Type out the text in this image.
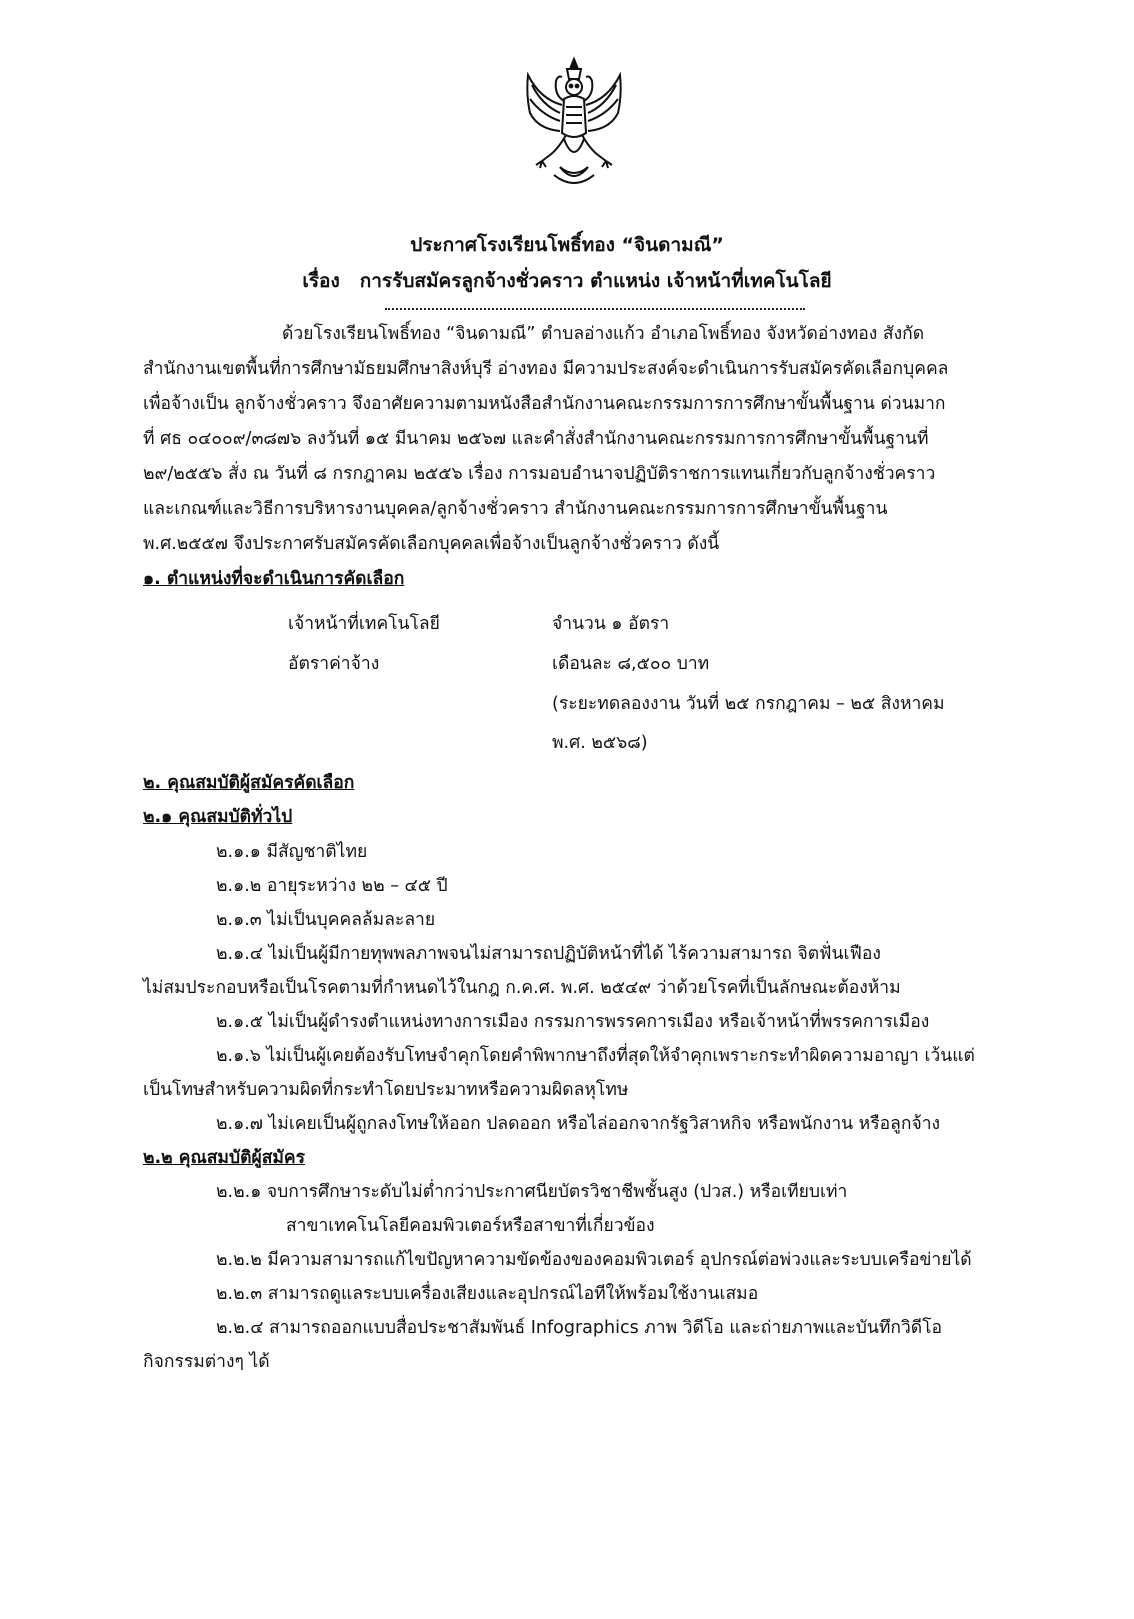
ประกาศโรงเรียนโพธิ์ทอง “จินดามณี”
เรื่อง การรับสมัครลูกจ้างชั่วคราว ตำแหน่ง เจ้าหน้าที่เทคโนโลยี
ด้วยโรงเรียนโพธิ์ทอง “จินดามณี” ตำบลอ่างแก้ว อำเภอโพธิ์ทอง จังหวัดอ่างทอง สังกัด
สำนักงานเขตพื้นที่การศึกษามัธยมศึกษาสิงห์บุรี อ่างทอง มีความประสงค์จะดำเนินการรับสมัครคัดเลือกบุคคล
เพื่อจ้างเป็น ลูกจ้างชั่วคราว จึงอาศัยความตามหนังสือสำนักงานคณะกรรมการการศึกษาขั้นพื้นฐาน ด่วนมาก
ที่ ศธ ๐๔๐๐๙/๓๘๗๖ ลงวันที่ ๑๕ มีนาคม ๒๕๖๗ และคำสั่งสำนักงานคณะกรรมการการศึกษาขั้นพื้นฐานที่
๒๙/๒๕๕๖ สั่ง ณ วันที่ ๘ กรกฎาคม ๒๕๕๖ เรื่อง การมอบอำนาจปฏิบัติราชการแทนเกี่ยวกับลูกจ้างชั่วคราว
และเกณฑ์และวิธีการบริหารงานบุคคล/ลูกจ้างชั่วคราว สำนักงานคณะกรรมการการศึกษาขั้นพื้นฐาน
พ.ศ.๒๕๕๗ จึงประกาศรับสมัครคัดเลือกบุคคลเพื่อจ้างเป็นลูกจ้างชั่วคราว ดังนี้
๑. ตำแหน่งที่จะดำเนินการคัดเลือก
เจ้าหน้าที่เทคโนโลยี	จำนวน ๑ อัตรา
อัตราค่าจ้าง	เดือนละ ๘,๕๐๐ บาท
(ระยะทดลองงาน วันที่ ๒๕ กรกฎาคม – ๒๕ สิงหาคม
พ.ศ. ๒๕๖๘)
๒. คุณสมบัติผู้สมัครคัดเลือก
๒.๑ คุณสมบัติทั่วไป
๒.๑.๑ มีสัญชาติไทย
๒.๑.๒ อายุระหว่าง ๒๒ – ๔๕ ปี
๒.๑.๓ ไม่เป็นบุคคลล้มละลาย
๒.๑.๔ ไม่เป็นผู้มีกายทุพพลภาพจนไม่สามารถปฏิบัติหน้าที่ได้ ไร้ความสามารถ จิตฟั่นเฟือง
ไม่สมประกอบหรือเป็นโรคตามที่กำหนดไว้ในกฎ ก.ค.ศ. พ.ศ. ๒๕๔๙ ว่าด้วยโรคที่เป็นลักษณะต้องห้าม
๒.๑.๕ ไม่เป็นผู้ดำรงตำแหน่งทางการเมือง กรรมการพรรคการเมือง หรือเจ้าหน้าที่พรรคการเมือง
๒.๑.๖ ไม่เป็นผู้เคยต้องรับโทษจำคุกโดยคำพิพากษาถึงที่สุดให้จำคุกเพราะกระทำผิดความอาญา เว้นแต่
เป็นโทษสำหรับความผิดที่กระทำโดยประมาทหรือความผิดลหุโทษ
๒.๑.๗ ไม่เคยเป็นผู้ถูกลงโทษให้ออก ปลดออก หรือไล่ออกจากรัฐวิสาหกิจ หรือพนักงาน หรือลูกจ้าง
๒.๒ คุณสมบัติผู้สมัคร
๒.๒.๑ จบการศึกษาระดับไม่ต่ำกว่าประกาศนียบัตรวิชาชีพชั้นสูง (ปวส.) หรือเทียบเท่า
สาขาเทคโนโลยีคอมพิวเตอร์หรือสาขาที่เกี่ยวข้อง
๒.๒.๒ มีความสามารถแก้ไขปัญหาความขัดข้องของคอมพิวเตอร์ อุปกรณ์ต่อพ่วงและระบบเครือข่ายได้
๒.๒.๓ สามารถดูแลระบบเครื่องเสียงและอุปกรณ์ไอทีให้พร้อมใช้งานเสมอ
๒.๒.๔ สามารถออกแบบสื่อประชาสัมพันธ์ Infographics ภาพ วิดีโอ และถ่ายภาพและบันทึกวิดีโอ
กิจกรรมต่างๆ ได้
